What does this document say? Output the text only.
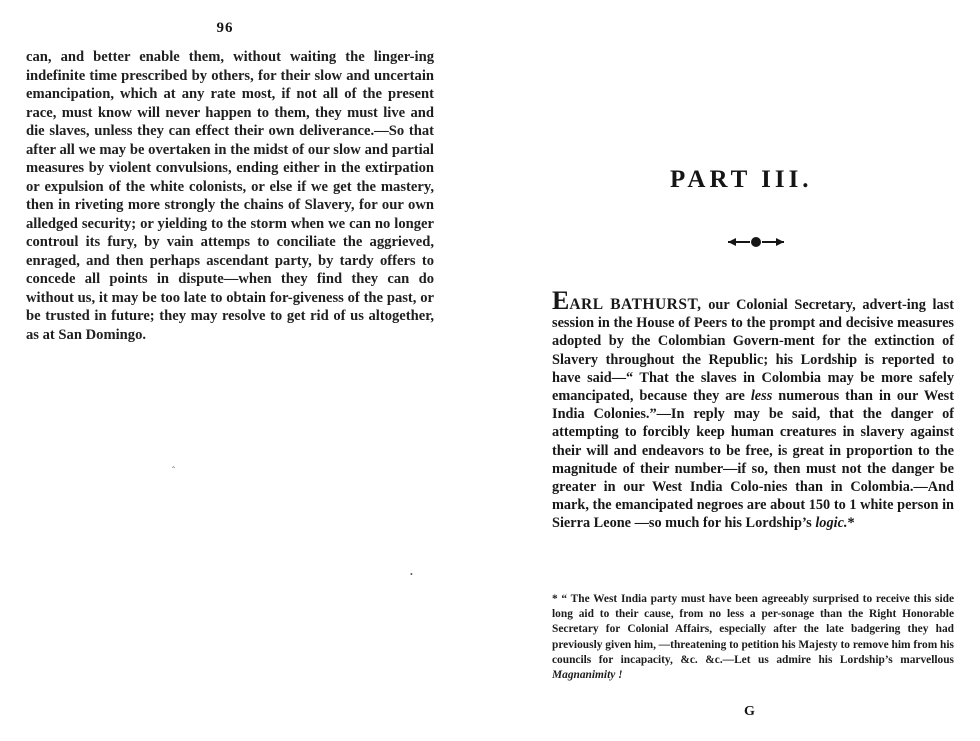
96

can, and better enable them, without waiting the linger-ing indefinite time prescribed by others, for their slow and uncertain emancipation, which at any rate most, if not all of the present race, must know will never happen to them, they must live and die slaves, unless they can effect their own deliverance.—So that after all we may be overtaken in the midst of our slow and partial measures by violent convulsions, ending either in the extirpation or expulsion of the white colonists, or else if we get the mastery, then in riveting more strongly the chains of Slavery, for our own alledged security; or yielding to the storm when we can no longer controul its fury, by vain attemps to conciliate the aggrieved, enraged, and then perhaps ascendant party, by tardy offers to concede all points in dispute—when they find they can do without us, it may be too late to obtain for-giveness of the past, or be trusted in future; they may resolve to get rid of us altogether, as at San Domingo.

‸
•
PART III.

EARL BATHURST, our Colonial Secretary, advert-ing last session in the House of Peers to the prompt and decisive measures adopted by the Colombian Govern-ment for the extinction of Slavery throughout the Republic; his Lordship is reported to have said—“ That the slaves in Colombia may be more safely emancipated, because they are less numerous than in our West India Colonies.”—In reply may be said, that the danger of attempting to forcibly keep human creatures in slavery against their will and endeavors to be free, is great in proportion to the magnitude of their number—if so, then must not the danger be greater in our West India Colo-nies than in Colombia.—And mark, the emancipated negroes are about 150 to 1 white person in Sierra Leone —so much for his Lordship’s logic.*

* “ The West India party must have been agreeably surprised to receive this side long aid to their cause, from no less a per-sonage than the Right Honorable Secretary for Colonial Affairs, especially after the late badgering they had previously given him, —threatening to petition his Majesty to remove him from his councils for incapacity, &c. &c.—Let us admire his Lordship’s marvellous Magnanimity !

G
